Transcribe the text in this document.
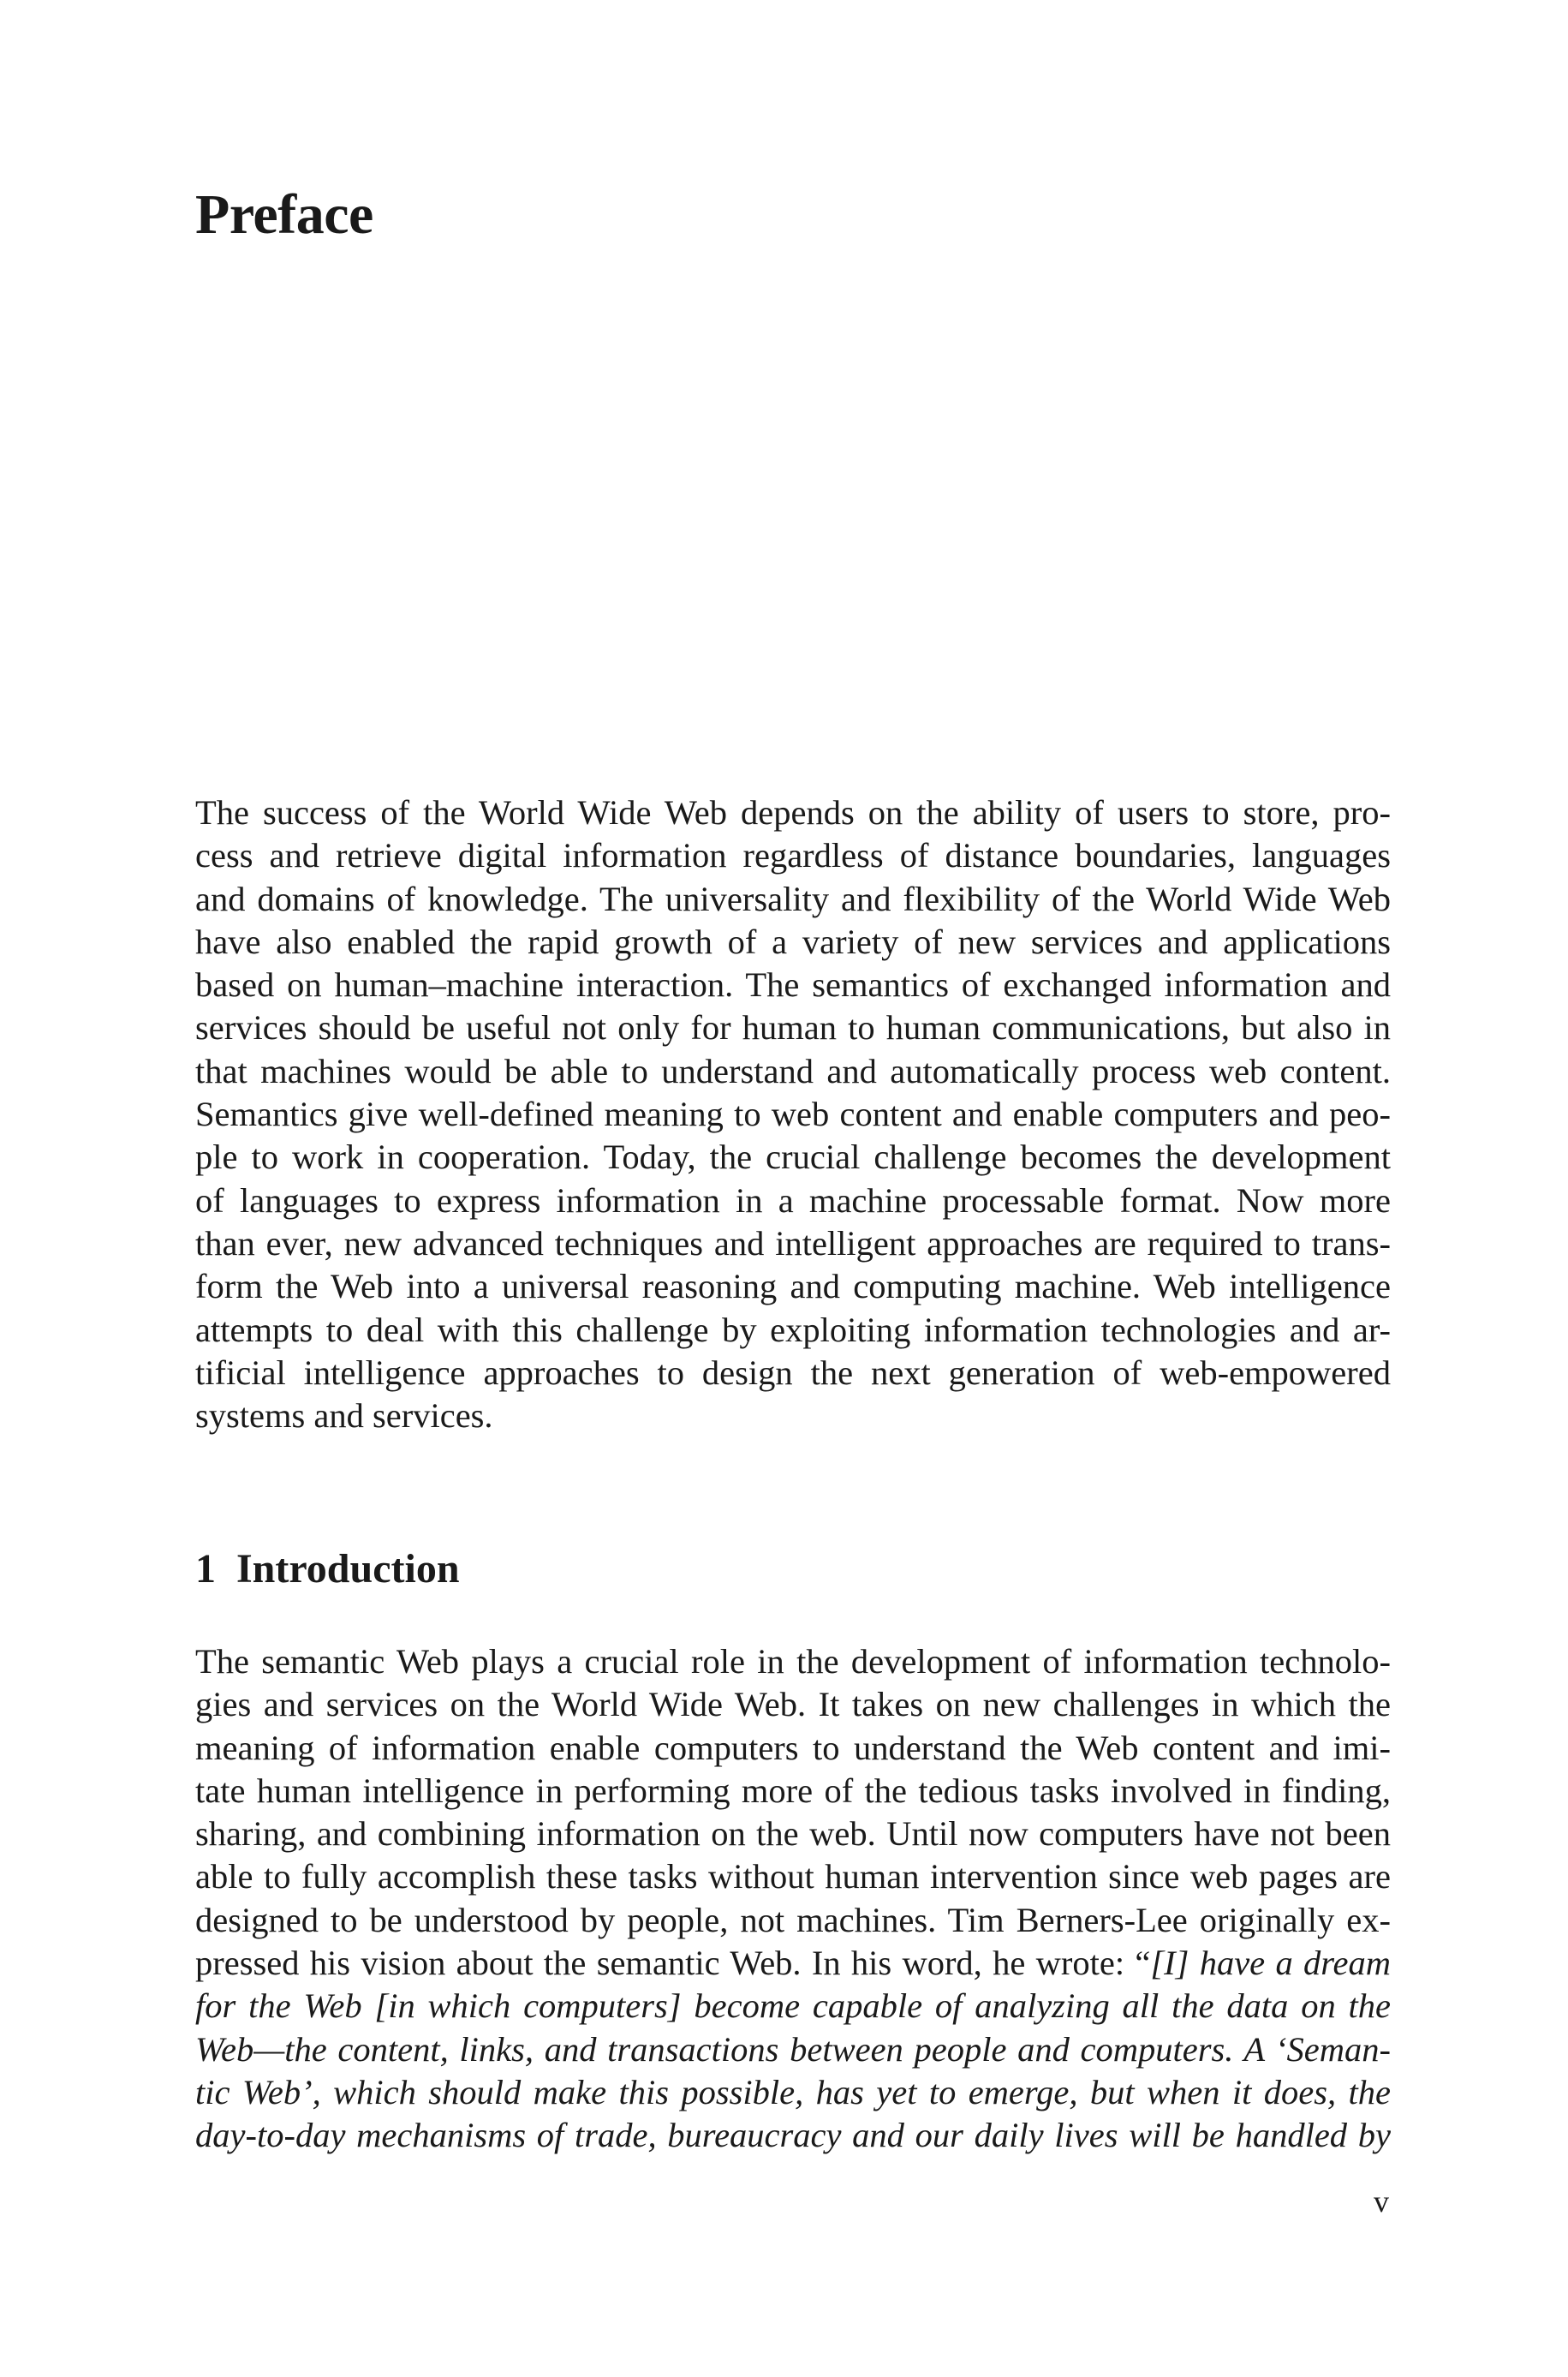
Preface
The success of the World Wide Web depends on the ability of users to store, pro-
cess and retrieve digital information regardless of distance boundaries, languages
and domains of knowledge. The universality and flexibility of the World Wide Web
have also enabled the rapid growth of a variety of new services and applications
based on human–machine interaction. The semantics of exchanged information and
services should be useful not only for human to human communications, but also in
that machines would be able to understand and automatically process web content.
Semantics give well-defined meaning to web content and enable computers and peo-
ple to work in cooperation. Today, the crucial challenge becomes the development
of languages to express information in a machine processable format. Now more
than ever, new advanced techniques and intelligent approaches are required to trans-
form the Web into a universal reasoning and computing machine. Web intelligence
attempts to deal with this challenge by exploiting information technologies and ar-
tificial intelligence approaches to design the next generation of web-empowered
systems and services.
1 Introduction
The semantic Web plays a crucial role in the development of information technolo-
gies and services on the World Wide Web. It takes on new challenges in which the
meaning of information enable computers to understand the Web content and imi-
tate human intelligence in performing more of the tedious tasks involved in finding,
sharing, and combining information on the web. Until now computers have not been
able to fully accomplish these tasks without human intervention since web pages are
designed to be understood by people, not machines. Tim Berners-Lee originally ex-
pressed his vision about the semantic Web. In his word, he wrote: “[I] have a dream
for the Web [in which computers] become capable of analyzing all the data on the
Web—the content, links, and transactions between people and computers. A ‘Seman-
tic Web’, which should make this possible, has yet to emerge, but when it does, the
day-to-day mechanisms of trade, bureaucracy and our daily lives will be handled by
v
